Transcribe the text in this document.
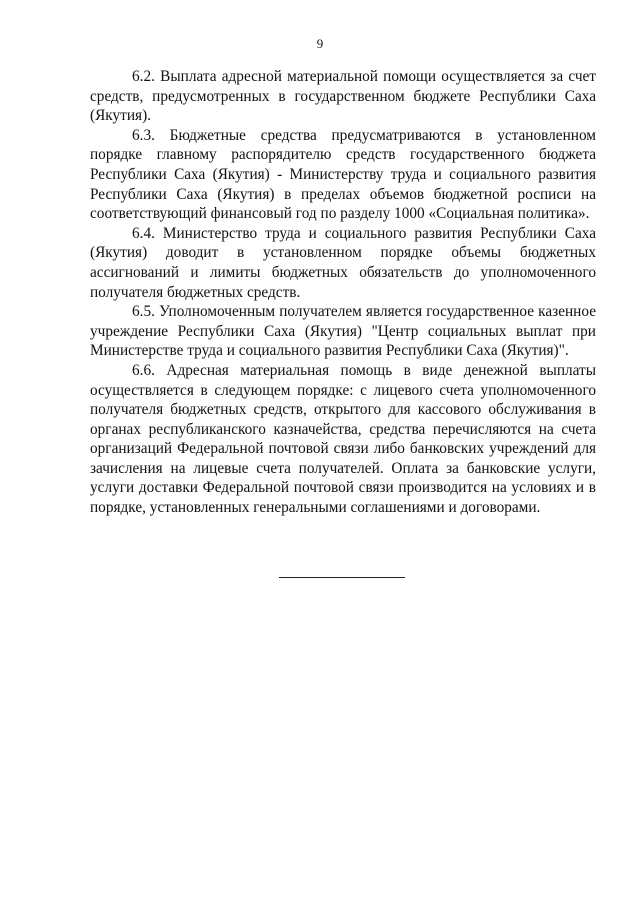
9

6.2. Выплата адресной материальной помощи осуществляется за счет средств, предусмотренных в государственном бюджете Республики Саха (Якутия).

6.3. Бюджетные средства предусматриваются в установленном порядке главному распорядителю средств государственного бюджета Республики Саха (Якутия) - Министерству труда и социального развития Республики Саха (Якутия) в пределах объемов бюджетной росписи на соответствующий финансовый год по разделу 1000 «Социальная политика».

6.4. Министерство труда и социального развития Республики Саха (Якутия) доводит в установленном порядке объемы бюджетных ассигнований и лимиты бюджетных обязательств до уполномоченного получателя бюджетных средств.

6.5. Уполномоченным получателем является государственное казенное учреждение Республики Саха (Якутия) "Центр социальных выплат при Министерстве труда и социального развития Республики Саха (Якутия)".

6.6. Адресная материальная помощь в виде денежной выплаты осуществляется в следующем порядке: с лицевого счета уполномоченного получателя бюджетных средств, открытого для кассового обслуживания в органах республиканского казначейства, средства перечисляются на счета организаций Федеральной почтовой связи либо банковских учреждений для зачисления на лицевые счета получателей. Оплата за банковские услуги, услуги доставки Федеральной почтовой связи производится на условиях и в порядке, установленных генеральными соглашениями и договорами.
